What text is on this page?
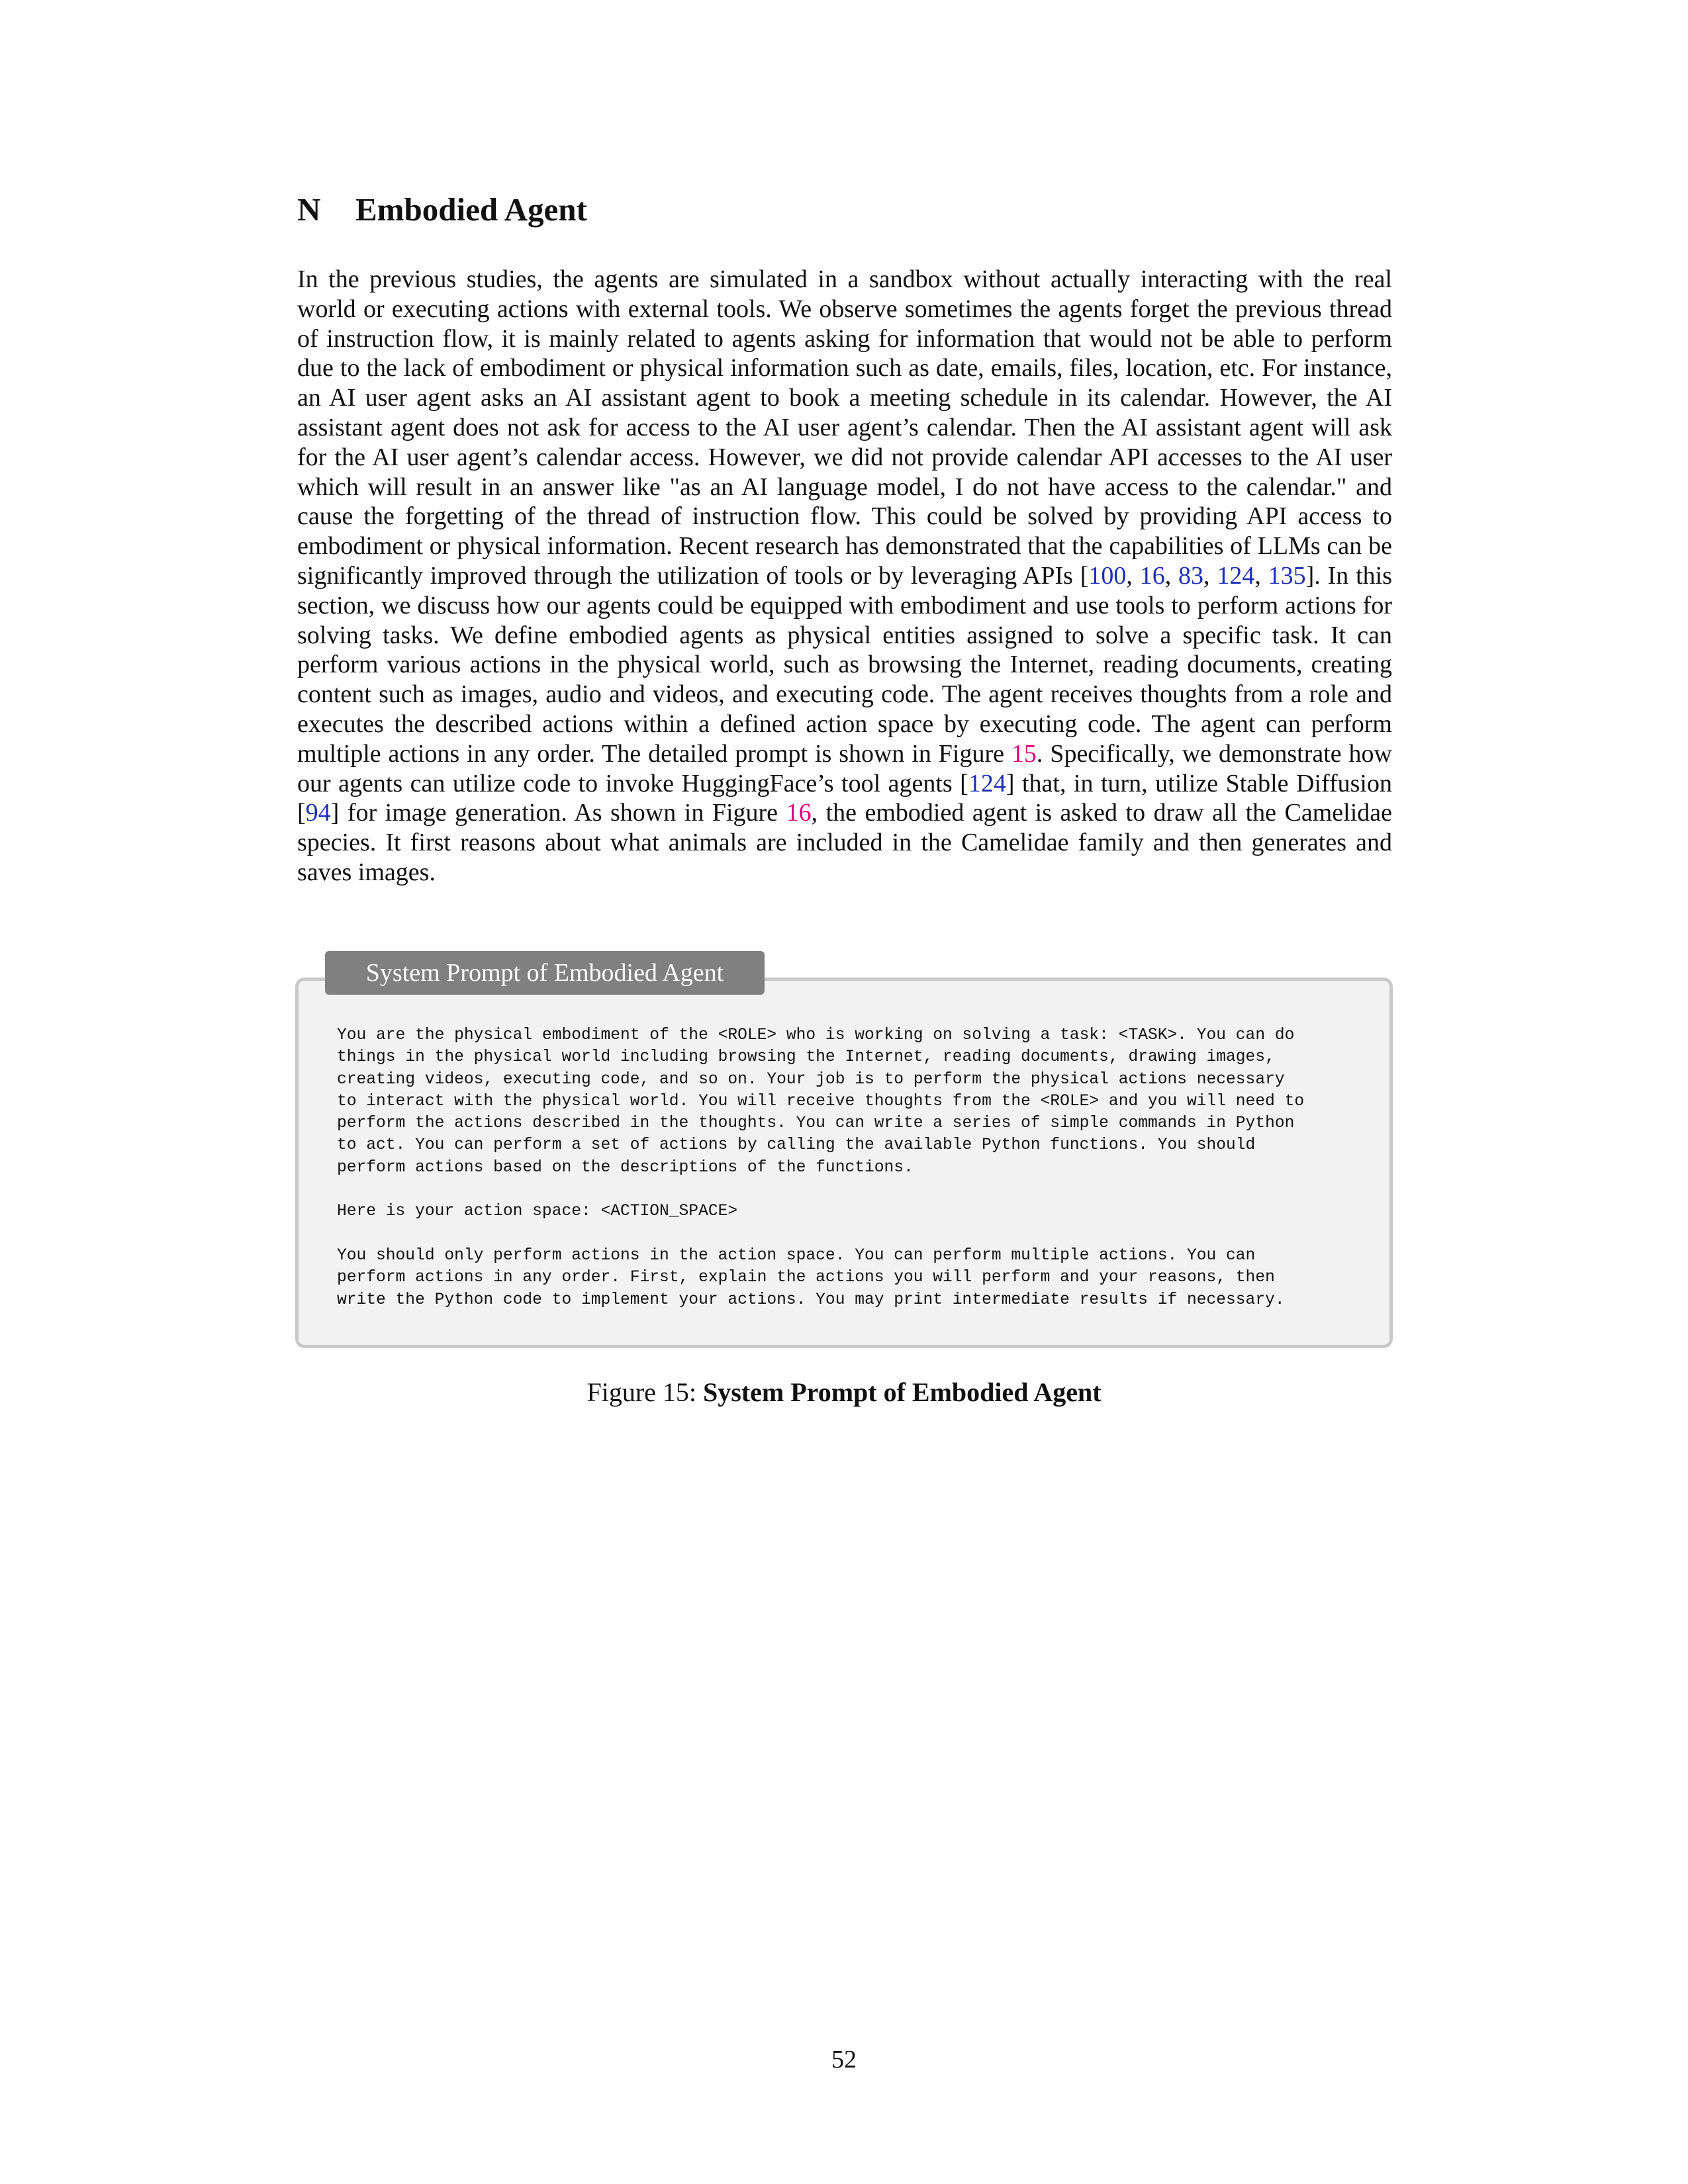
N Embodied Agent

In the previous studies, the agents are simulated in a sandbox without actually interacting with the real world or executing actions with external tools. We observe sometimes the agents forget the previous thread of instruction flow, it is mainly related to agents asking for information that would not be able to perform due to the lack of embodiment or physical information such as date, emails, files, location, etc. For instance, an AI user agent asks an AI assistant agent to book a meeting schedule in its calendar. However, the AI assistant agent does not ask for access to the AI user agent’s calendar. Then the AI assistant agent will ask for the AI user agent’s calendar access. However, we did not provide calendar API accesses to the AI user which will result in an answer like "as an AI language model, I do not have access to the calendar." and cause the forgetting of the thread of instruction flow. This could be solved by providing API access to embodiment or physical information. Recent research has demonstrated that the capabilities of LLMs can be significantly improved through the utilization of tools or by leveraging APIs [100, 16, 83, 124, 135]. In this section, we discuss how our agents could be equipped with embodiment and use tools to perform actions for solving tasks. We define embodied agents as physical entities assigned to solve a specific task. It can perform various actions in the physical world, such as browsing the Internet, reading documents, creating content such as images, audio and videos, and executing code. The agent receives thoughts from a role and executes the described actions within a defined action space by executing code. The agent can perform multiple actions in any order. The detailed prompt is shown in Figure 15. Specifically, we demonstrate how our agents can utilize code to invoke HuggingFace’s tool agents [124] that, in turn, utilize Stable Diffusion [94] for image generation. As shown in Figure 16, the embodied agent is asked to draw all the Camelidae species. It first reasons about what animals are included in the Camelidae family and then generates and saves images.

System Prompt of Embodied Agent
You are the physical embodiment of the <ROLE> who is working on solving a task: <TASK>. You can do
things in the physical world including browsing the Internet, reading documents, drawing images,
creating videos, executing code, and so on. Your job is to perform the physical actions necessary
to interact with the physical world. You will receive thoughts from the <ROLE> and you will need to
perform the actions described in the thoughts. You can write a series of simple commands in Python
to act. You can perform a set of actions by calling the available Python functions. You should
perform actions based on the descriptions of the functions.

Here is your action space: <ACTION_SPACE>

You should only perform actions in the action space. You can perform multiple actions. You can
perform actions in any order. First, explain the actions you will perform and your reasons, then
write the Python code to implement your actions. You may print intermediate results if necessary.
Figure 15: System Prompt of Embodied Agent
52
